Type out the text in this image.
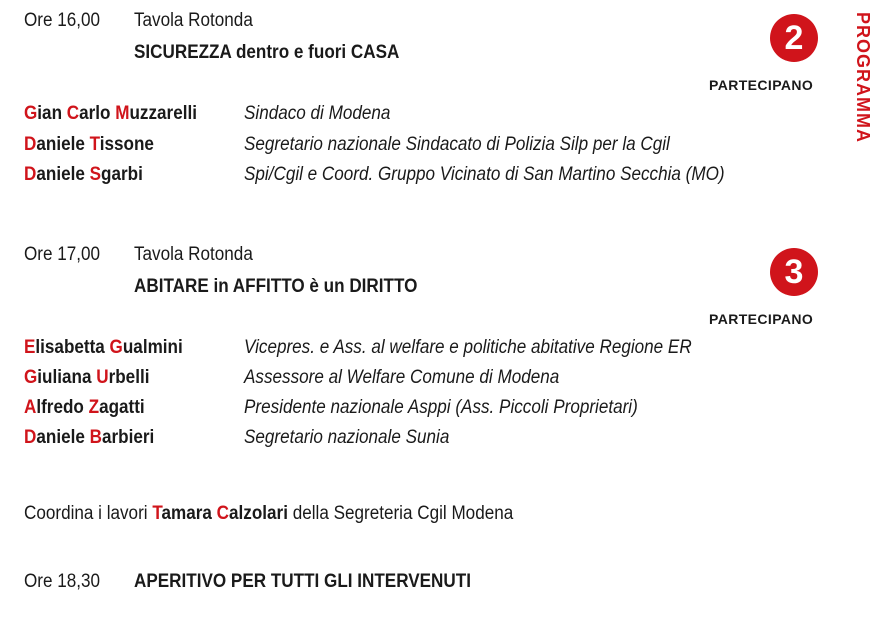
PROGRAMMA
Ore 16,00 Tavola Rotonda
SICUREZZA dentro e fuori CASA	2
PARTECIPANO
Gian Carlo Muzzarelli Sindaco di Modena
Daniele Tissone	Segretario nazionale Sindacato di Polizia Silp per la Cgil
Daniele Sgarbi	Spi/Cgil e Coord. Gruppo Vicinato di San Martino Secchia (MO)
Ore 17,00 Tavola Rotonda
ABITARE in AFFITTO è un DIRITTO	3
PARTECIPANO
Elisabetta Gualmini	Vicepres. e Ass. al welfare e politiche abitative Regione ER
Giuliana Urbelli	Assessore al Welfare Comune di Modena
Alfredo Zagatti	Presidente nazionale Asppi (Ass. Piccoli Proprietari)
Daniele Barbieri	Segretario nazionale Sunia
Coordina i lavori Tamara Calzolari della Segreteria Cgil Modena
Ore 18,30 APERITIVO PER TUTTI GLI INTERVENUTI
